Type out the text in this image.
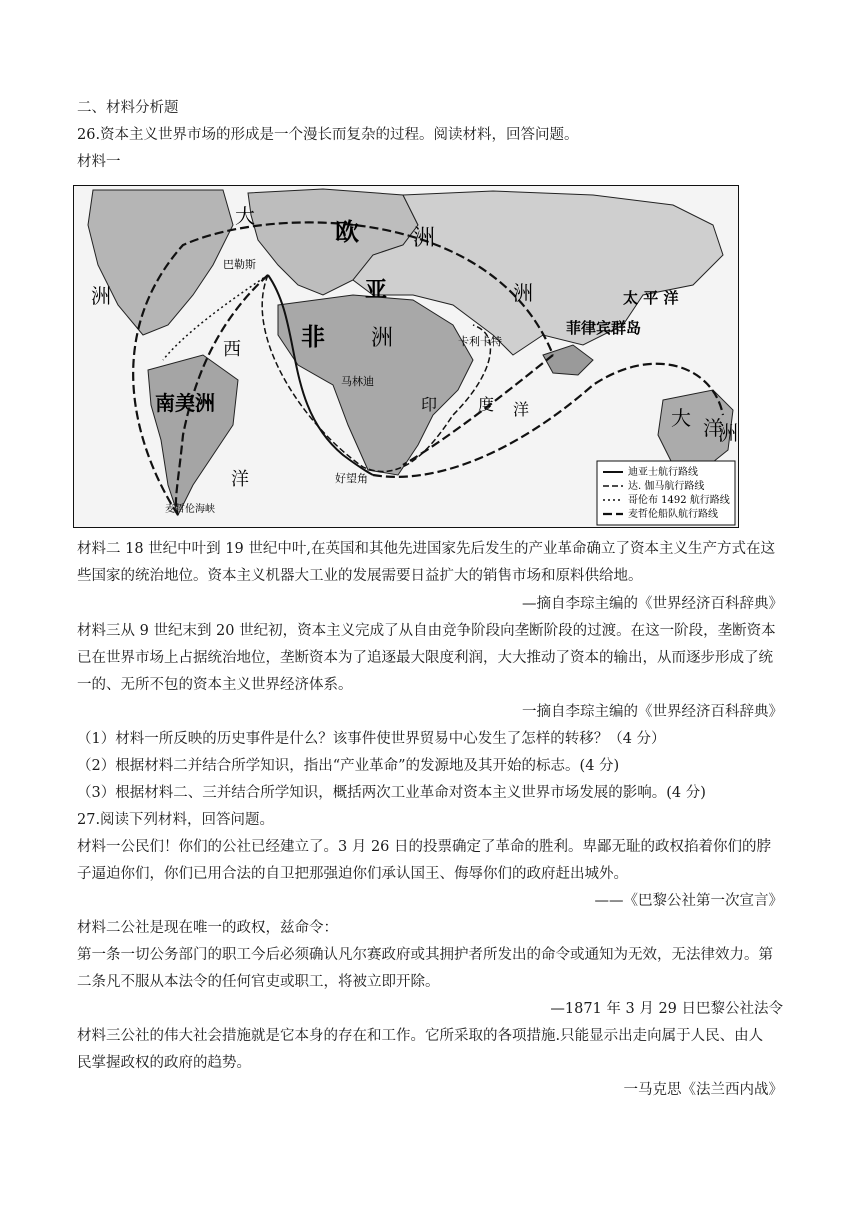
二、材料分析题
26.资本主义世界市场的形成是一个漫长而复杂的过程。阅读材料，回答问题。
材料一
大
欧 洲
亚	洲	太 平 洋
菲律宾群岛
洲
西	非 洲
南美洲
卡利卡特
马林迪
印	度 洋	大 洋
洲
巴勒斯
好望角
洋
麦哲伦海峡
迪亚士航行路线
达. 伽马航行路线
哥伦布 1492 航行路线
麦哲伦船队航行路线
材料二 18 世纪中叶到 19 世纪中叶,在英国和其他先进国家先后发生的产业革命确立了资本主义生产方式在这
些国家的统治地位。资本主义机器大工业的发展需要日益扩大的销售市场和原料供给地。
—摘自李琮主编的《世界经济百科辞典》
材料三从 9 世纪末到 20 世纪初，资本主义完成了从自由竞争阶段向垄断阶段的过渡。在这一阶段，垄断资本
已在世界市场上占据统治地位，垄断资本为了追逐最大限度利润，大大推动了资本的输出，从而逐步形成了统
一的、无所不包的资本主义世界经济体系。
一摘自李琮主编的《世界经济百科辞典》
（1）材料一所反映的历史事件是什么？该事件使世界贸易中心发生了怎样的转移？（4 分）
（2）根据材料二并结合所学知识，指出“产业革命”的发源地及其开始的标志。(4 分)
（3）根据材料二、三并结合所学知识，概括两次工业革命对资本主义世界市场发展的影响。(4 分)
27.阅读下列材料，回答问题。
材料一公民们！你们的公社已经建立了。3 月 26 日的投票确定了革命的胜利。卑鄙无耻的政权掐着你们的脖
子逼迫你们，你们已用合法的自卫把那强迫你们承认国王、侮辱你们的政府赶出城外。
——《巴黎公社第一次宣言》
材料二公社是现在唯一的政权，兹命令：
第一条一切公务部门的职工今后必须确认凡尔赛政府或其拥护者所发出的命令或通知为无效，无法律效力。第
二条凡不服从本法令的任何官吏或职工，将被立即开除。
—1871 年 3 月 29 日巴黎公社法令
材料三公社的伟大社会措施就是它本身的存在和工作。它所采取的各项措施.只能显示出走向属于人民、由人
民掌握政权的政府的趋势。
一马克思《法兰西内战》
